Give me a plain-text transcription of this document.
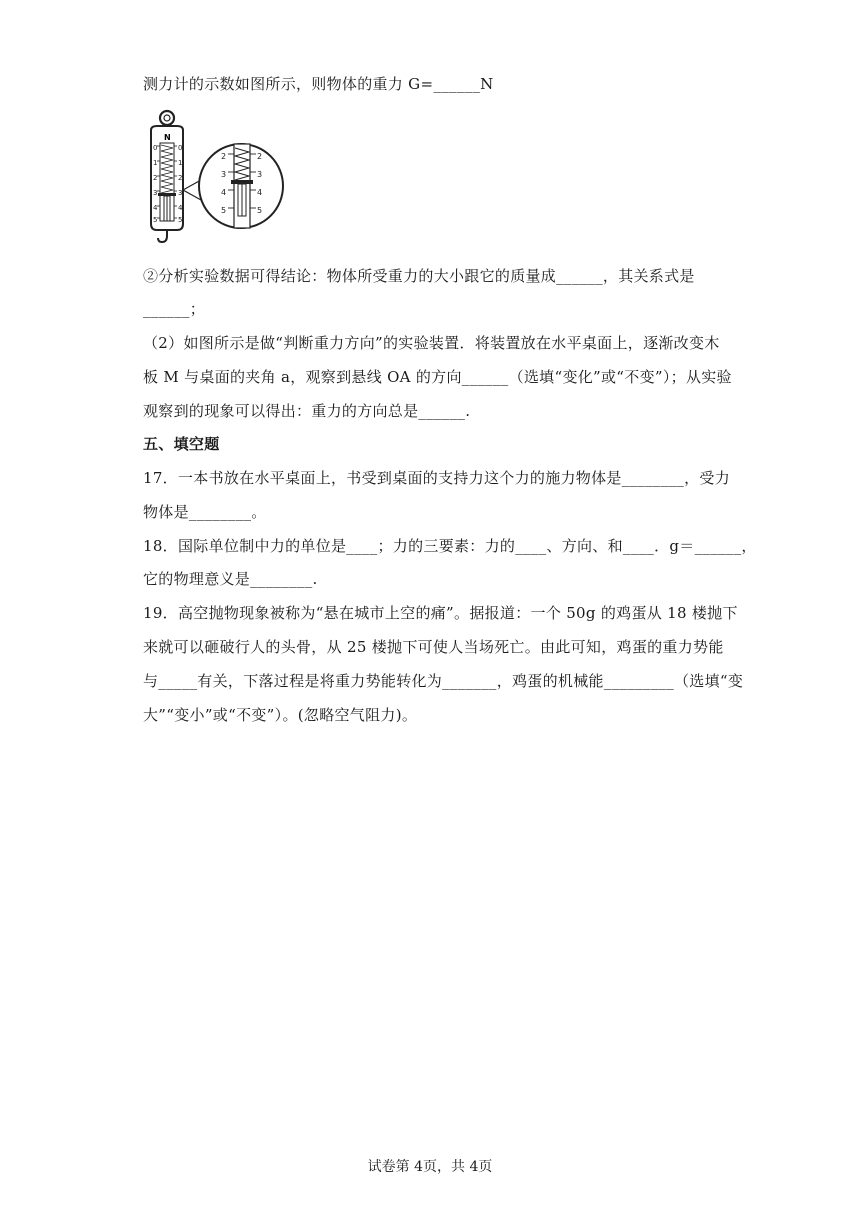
测力计的示数如图所示，则物体的重力 G=______N
N
2
3
4
5
2
3
4
5
0
1
2
3
4
5
0
1
2
3
4
5
②分析实验数据可得结论：物体所受重力的大小跟它的质量成______，其关系式是
______；
（2）如图所示是做“判断重力方向”的实验装置．将装置放在水平桌面上，逐渐改变木
板 M 与桌面的夹角 a，观察到悬线 OA 的方向______（选填“变化”或“不变”）；从实验
观察到的现象可以得出：重力的方向总是______.
五、填空题
17．一本书放在水平桌面上，书受到桌面的支持力这个力的施力物体是________，受力
物体是________。
18．国际单位制中力的单位是____；力的三要素：力的____、方向、和____．g＝______，
它的物理意义是________.
19．高空抛物现象被称为“悬在城市上空的痛”。据报道：一个 50g 的鸡蛋从 18 楼抛下
来就可以砸破行人的头骨，从 25 楼抛下可使人当场死亡。由此可知，鸡蛋的重力势能
与_____有关，下落过程是将重力势能转化为_______，鸡蛋的机械能_________（选填“变
大”“变小”或“不变”）。(忽略空气阻力)。
试卷第 4页，共 4页
